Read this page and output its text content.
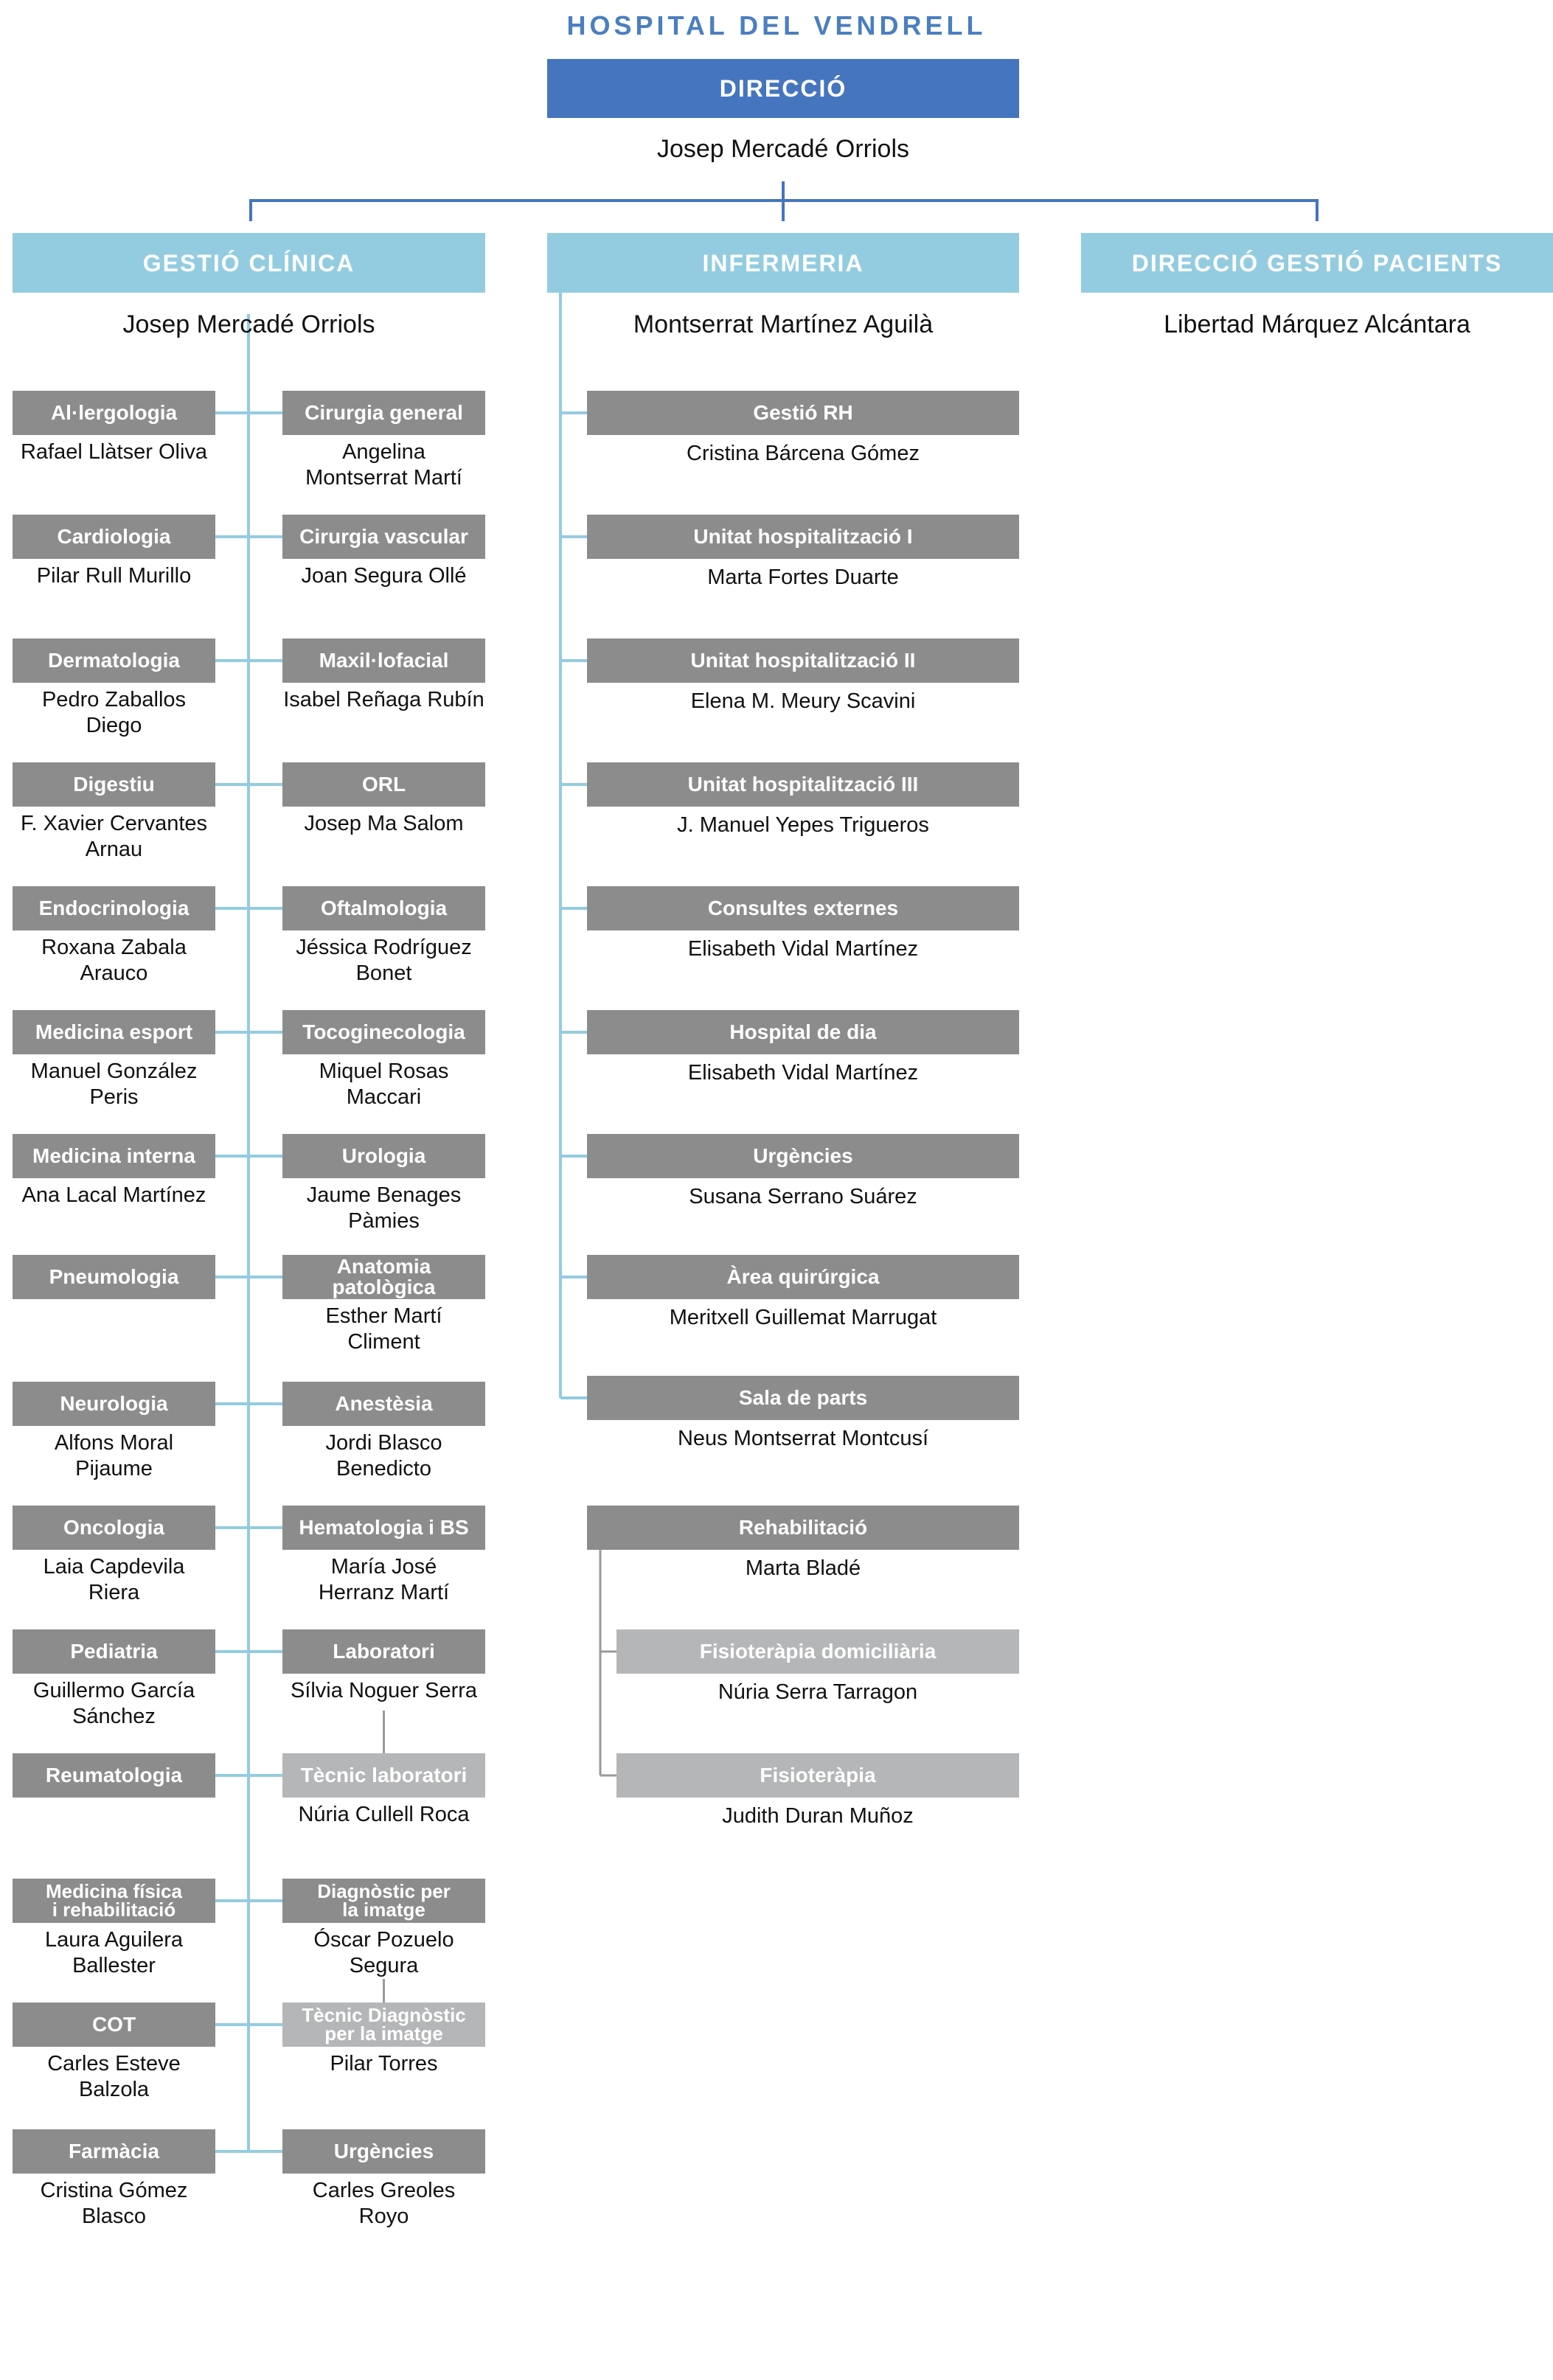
HOSPITAL DEL VENDRELL
DIRECCIÓ
Josep Mercadé Orriols
GESTIÓ CLÍNICA
Josep Mercadé Orriols
INFERMERIA
Montserrat Martínez Aguilà
DIRECCIÓ GESTIÓ PACIENTS
Libertad Márquez Alcántara
Al·lergologia
Rafael Llàtser Oliva
Cardiologia
Pilar Rull Murillo
Dermatologia
Pedro Zaballos
Diego
Digestiu
F. Xavier Cervantes
Arnau
Endocrinologia
Roxana Zabala
Arauco
Medicina esport
Manuel González
Peris
Medicina interna
Ana Lacal Martínez
Pneumologia
Neurologia
Alfons Moral
Pijaume
Oncologia
Laia Capdevila
Riera
Pediatria
Guillermo García
Sánchez
Reumatologia
Medicina física
i rehabilitació
Laura Aguilera
Ballester
COT
Carles Esteve
Balzola
Farmàcia
Cristina Gómez
Blasco
Cirurgia general
Angelina
Montserrat Martí
Cirurgia vascular
Joan Segura Ollé
Maxil·lofacial
Isabel Reñaga Rubín
ORL
Josep Ma Salom
Oftalmologia
Jéssica Rodríguez
Bonet
Tocoginecologia
Miquel Rosas
Maccari
Urologia
Jaume Benages
Pàmies
Anatomia patològica
Esther Martí
Climent
Anestèsia
Jordi Blasco
Benedicto
Hematologia i BS
María José
Herranz Martí
Laboratori
Sílvia Noguer Serra
Tècnic laboratori
Núria Cullell Roca
Diagnòstic per
la imatge
Óscar Pozuelo
Segura
Tècnic Diagnòstic
per la imatge
Pilar Torres
Urgències
Carles Greoles
Royo
Gestió RH
Cristina Bárcena Gómez
Unitat hospitalització I
Marta Fortes Duarte
Unitat hospitalització II
Elena M. Meury Scavini
Unitat hospitalització III
J. Manuel Yepes Trigueros
Consultes externes
Elisabeth Vidal Martínez
Hospital de dia
Elisabeth Vidal Martínez
Urgències
Susana Serrano Suárez
Àrea quirúrgica
Meritxell Guillemat Marrugat
Sala de parts
Neus Montserrat Montcusí
Rehabilitació
Marta Bladé
Fisioteràpia domiciliària
Núria Serra Tarragon
Fisioteràpia
Judith Duran Muñoz
